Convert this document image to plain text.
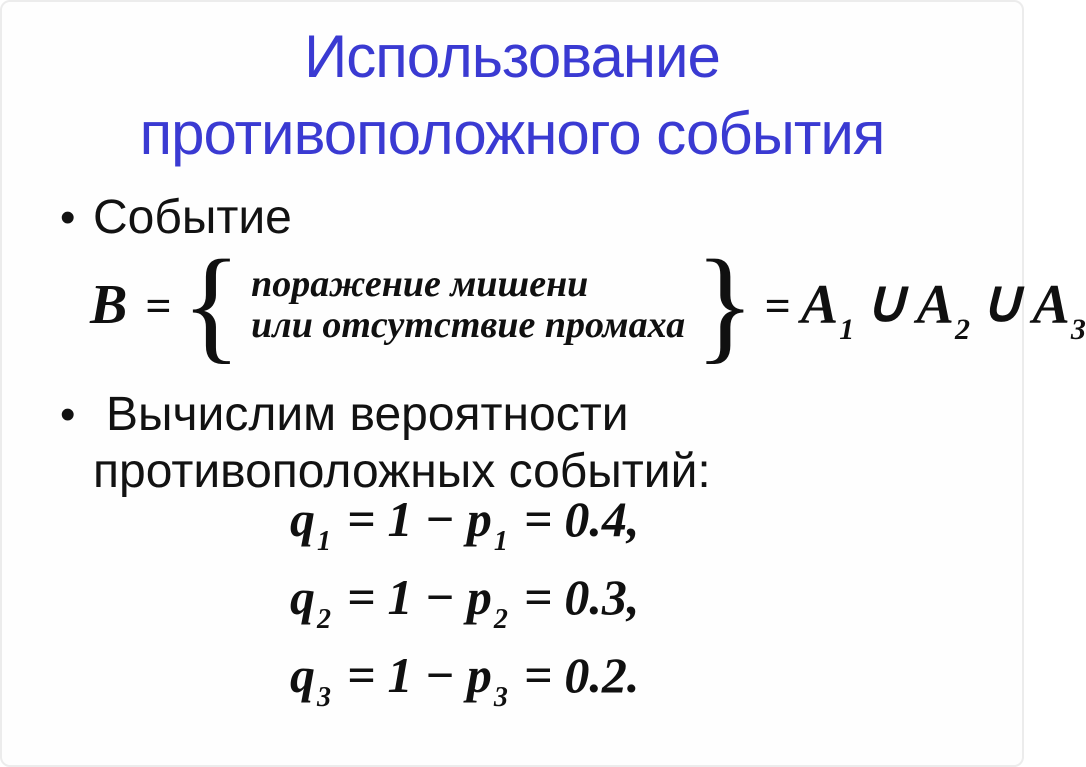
Использование
противоположного события
• Событие
B = { поражение мишени
или отсутствие промаха } = A1 ∪ A2 ∪ A3
• Вычислим вероятности
противоположных событий:
$q_1 = 1 - p_1 = 0.4$,
$q_2 = 1 - p_2 = 0.3$,
$q_3 = 1 - p_3 = 0.2$.
